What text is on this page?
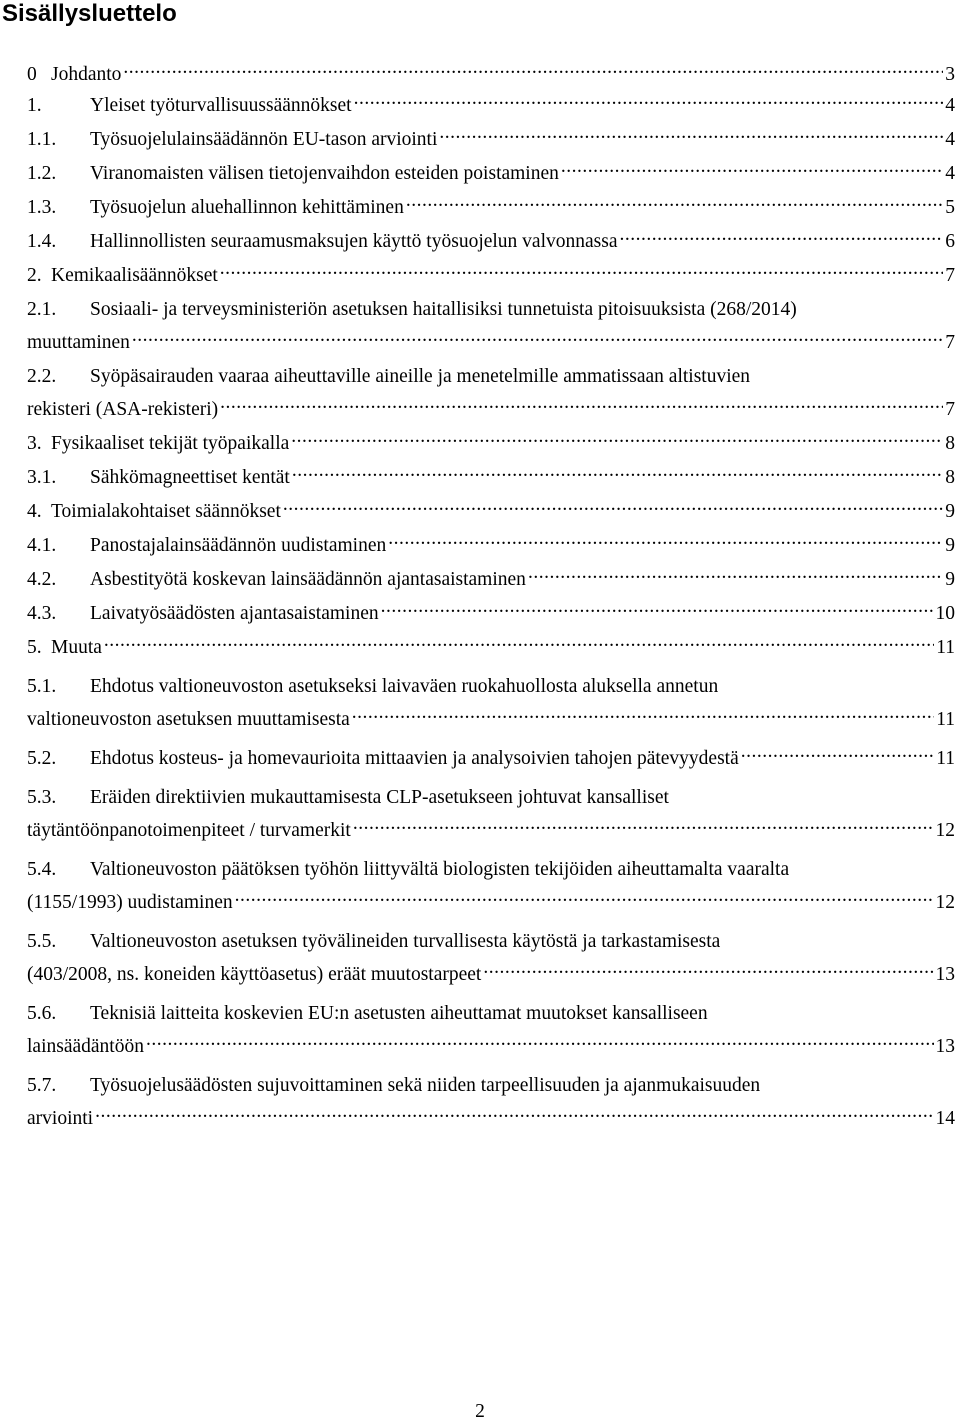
Sisällysluettelo
0 Johdanto .....	3
1.	Yleiset työturvallisuussäännökset .....	4
1.1.	Työsuojelulainsäädännön EU-tason arviointi .....	4
1.2.	Viranomaisten välisen tietojenvaihdon esteiden poistaminen .....	4
1.3.	Työsuojelun aluehallinnon kehittäminen .....	5
1.4.	Hallinnollisten seuraamusmaksujen käyttö työsuojelun valvonnassa .....	6
2. Kemikaalisäännökset .....	7
2.1. Sosiaali- ja terveysministeriön asetuksen haitallisiksi tunnetuista pitoisuuksista (268/2014)
muuttaminen .....	7
2.2. Syöpäsairauden vaaraa aiheuttaville aineille ja menetelmille ammatissaan altistuvien
rekisteri (ASA-rekisteri) .....	7
3. Fysikaaliset tekijät työpaikalla .....	8
3.1.	Sähkömagneettiset kentät .....	8
4. Toimialakohtaiset säännökset .....	9
4.1.	Panostajalainsäädännön uudistaminen .....	9
4.2.	Asbestityötä koskevan lainsäädännön ajantasaistaminen .....	9
4.3.	Laivatyösäädösten ajantasaistaminen .....	10
5. Muuta .....	11
5.1. Ehdotus valtioneuvoston asetukseksi laivaväen ruokahuollosta aluksella annetun
valtioneuvoston asetuksen muuttamisesta .....	11
5.2.	Ehdotus kosteus- ja homevaurioita mittaavien ja analysoivien tahojen pätevyydestä .....	11
5.3. Eräiden direktiivien mukauttamisesta CLP-asetukseen johtuvat kansalliset
täytäntöönpanotoimenpiteet / turvamerkit .....	12
5.4. Valtioneuvoston päätöksen työhön liittyvältä biologisten tekijöiden aiheuttamalta vaaralta
(1155/1993) uudistaminen .....	12
5.5. Valtioneuvoston asetuksen työvälineiden turvallisesta käytöstä ja tarkastamisesta
(403/2008, ns. koneiden käyttöasetus) eräät muutostarpeet .....	13
5.6. Teknisiä laitteita koskevien EU:n asetusten aiheuttamat muutokset kansalliseen
lainsäädäntöön .....	13
5.7. Työsuojelusäädösten sujuvoittaminen sekä niiden tarpeellisuuden ja ajanmukaisuuden
arviointi .....	14
2
